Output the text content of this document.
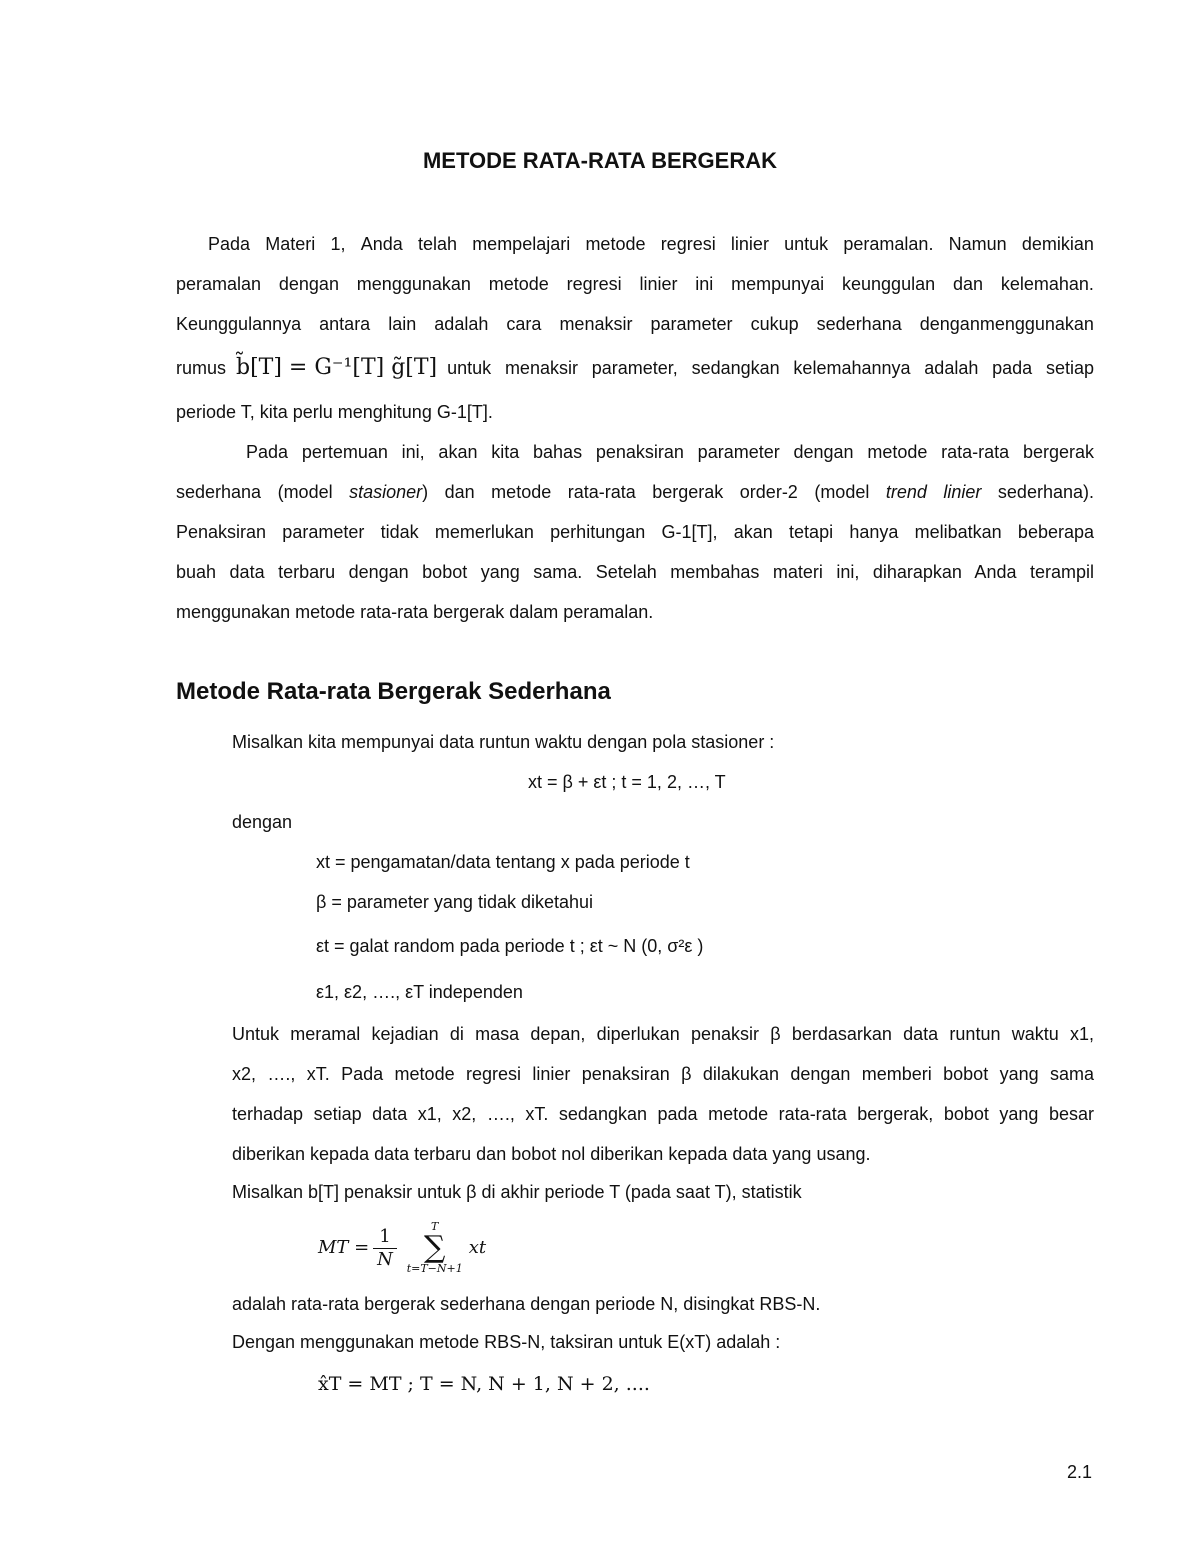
METODE RATA-RATA BERGERAK
Pada Materi 1, Anda telah mempelajari metode regresi linier untuk peramalan. Namun demikian
peramalan dengan menggunakan metode regresi linier ini mempunyai keunggulan dan kelemahan.
Keunggulannya antara lain adalah cara menaksir parameter cukup sederhana denganmenggunakan
rumus b̃[T] = G⁻¹[T] g̃[T] untuk menaksir parameter, sedangkan kelemahannya adalah pada setiap
periode T, kita perlu menghitung G-1[T].
Pada pertemuan ini, akan kita bahas penaksiran parameter dengan metode rata-rata bergerak
sederhana (model stasioner) dan metode rata-rata bergerak order-2 (model trend linier sederhana).
Penaksiran parameter tidak memerlukan perhitungan G-1[T], akan tetapi hanya melibatkan beberapa
buah data terbaru dengan bobot yang sama. Setelah membahas materi ini, diharapkan Anda terampil
menggunakan metode rata-rata bergerak dalam peramalan.
Metode Rata-rata Bergerak Sederhana
Misalkan kita mempunyai data runtun waktu dengan pola stasioner :
xt = β + εt ; t = 1, 2, …, T
dengan
xt = pengamatan/data tentang x pada periode t
β = parameter yang tidak diketahui
εt = galat random pada periode t ; εt ~ N (0, σ²ε )
ε1, ε2, …., εT independen
Untuk meramal kejadian di masa depan, diperlukan penaksir β berdasarkan data runtun waktu x1,
x2, …., xT. Pada metode regresi linier penaksiran β dilakukan dengan memberi bobot yang sama
terhadap setiap data x1, x2, …., xT. sedangkan pada metode rata-rata bergerak, bobot yang besar
diberikan kepada data terbaru dan bobot nol diberikan kepada data yang usang.
Misalkan b[T] penaksir untuk β di akhir periode T (pada saat T), statistik
MT = $\frac{1}{N}$	T
∑
t=T−N+1
xt
adalah rata-rata bergerak sederhana dengan periode N, disingkat RBS-N.
Dengan menggunakan metode RBS-N, taksiran untuk E(xT) adalah :
x̂T = MT ; T = N, N + 1, N + 2, ....
2.1
